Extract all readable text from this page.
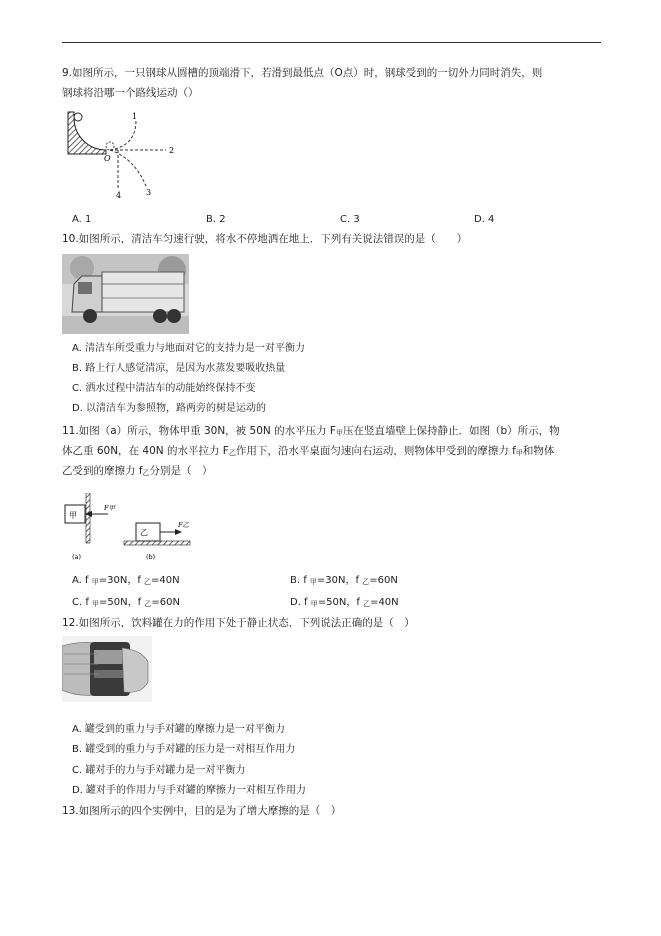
9.如图所示，一只钢球从圆槽的顶端滑下，若滑到最低点（O点）时，钢球受到的一切外力同时消失，则
钢球将沿哪一个路线运动（）
1
2
3
4
O
A. 1	B. 2	C. 3	D. 4
10.如图所示，清洁车匀速行驶，将水不停地洒在地上．下列有关说法错误的是（　　）
A. 清洁车所受重力与地面对它的支持力是一对平衡力
B. 路上行人感觉清凉，是因为水蒸发要吸收热量
C. 洒水过程中清洁车的动能始终保持不变
D. 以清洁车为参照物，路两旁的树是运动的
11.如图（a）所示，物体甲重 30N，被 50N 的水平压力 F甲压在竖直墙壁上保持静止．如图（b）所示，物
体乙重 60N，在 40N 的水平拉力 F乙作用下，沿水平桌面匀速向右运动，则物体甲受到的摩擦力 f甲和物体
乙受到的摩擦力 f乙分别是（　）
甲
F甲
(a)
乙
F乙
(b)
A. f 甲=30N，f 乙=40N	B. f 甲=30N，f 乙=60N
C. f 甲=50N，f 乙=60N	D. f 甲=50N，f 乙=40N
12.如图所示，饮料罐在力的作用下处于静止状态．下列说法正确的是（　）
A. 罐受到的重力与手对罐的摩擦力是一对平衡力
B. 罐受到的重力与手对罐的压力是一对相互作用力
C. 罐对手的力与手对罐力是一对平衡力
D. 罐对手的作用力与手对罐的摩擦力一对相互作用力
13.如图所示的四个实例中，目的是为了增大摩擦的是（　）
